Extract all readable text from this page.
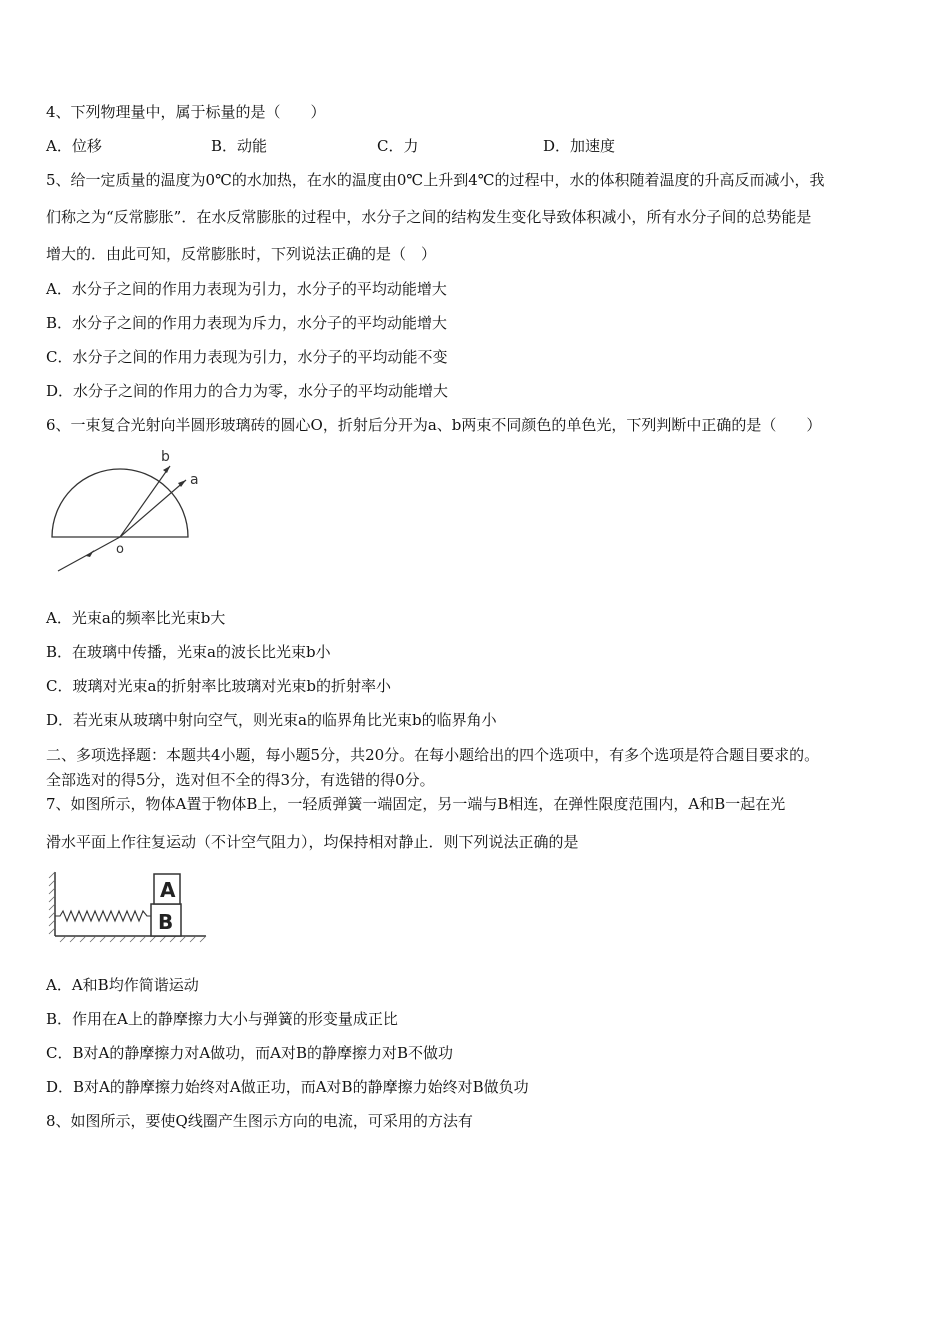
4、下列物理量中，属于标量的是（　　）
A．位移	B．动能	C．力	D．加速度
5、给一定质量的温度为0℃的水加热，在水的温度由0℃上升到4℃的过程中，水的体积随着温度的升高反而减小，我
们称之为“反常膨胀”．在水反常膨胀的过程中，水分子之间的结构发生变化导致体积减小，所有水分子间的总势能是
增大的．由此可知，反常膨胀时，下列说法正确的是（　）
A．水分子之间的作用力表现为引力，水分子的平均动能增大
B．水分子之间的作用力表现为斥力，水分子的平均动能增大
C．水分子之间的作用力表现为引力，水分子的平均动能不变
D．水分子之间的作用力的合力为零，水分子的平均动能增大
6、一束复合光射向半圆形玻璃砖的圆心O，折射后分开为a、b两束不同颜色的单色光，下列判断中正确的是（　　）
b
a
o
A．光束a的频率比光束b大
B．在玻璃中传播，光束a的波长比光束b小
C．玻璃对光束a的折射率比玻璃对光束b的折射率小
D．若光束从玻璃中射向空气，则光束a的临界角比光束b的临界角小
二、多项选择题：本题共4小题，每小题5分，共20分。在每小题给出的四个选项中，有多个选项是符合题目要求的。
全部选对的得5分，选对但不全的得3分，有选错的得0分。
7、如图所示，物体A置于物体B上，一轻质弹簧一端固定，另一端与B相连，在弹性限度范围内，A和B一起在光
滑水平面上作往复运动（不计空气阻力），均保持相对静止．则下列说法正确的是
A
B
A．A和B均作简谐运动
B．作用在A上的静摩擦力大小与弹簧的形变量成正比
C．B对A的静摩擦力对A做功，而A对B的静摩擦力对B不做功
D．B对A的静摩擦力始终对A做正功，而A对B的静摩擦力始终对B做负功
8、如图所示，要使Q线圈产生图示方向的电流，可采用的方法有
